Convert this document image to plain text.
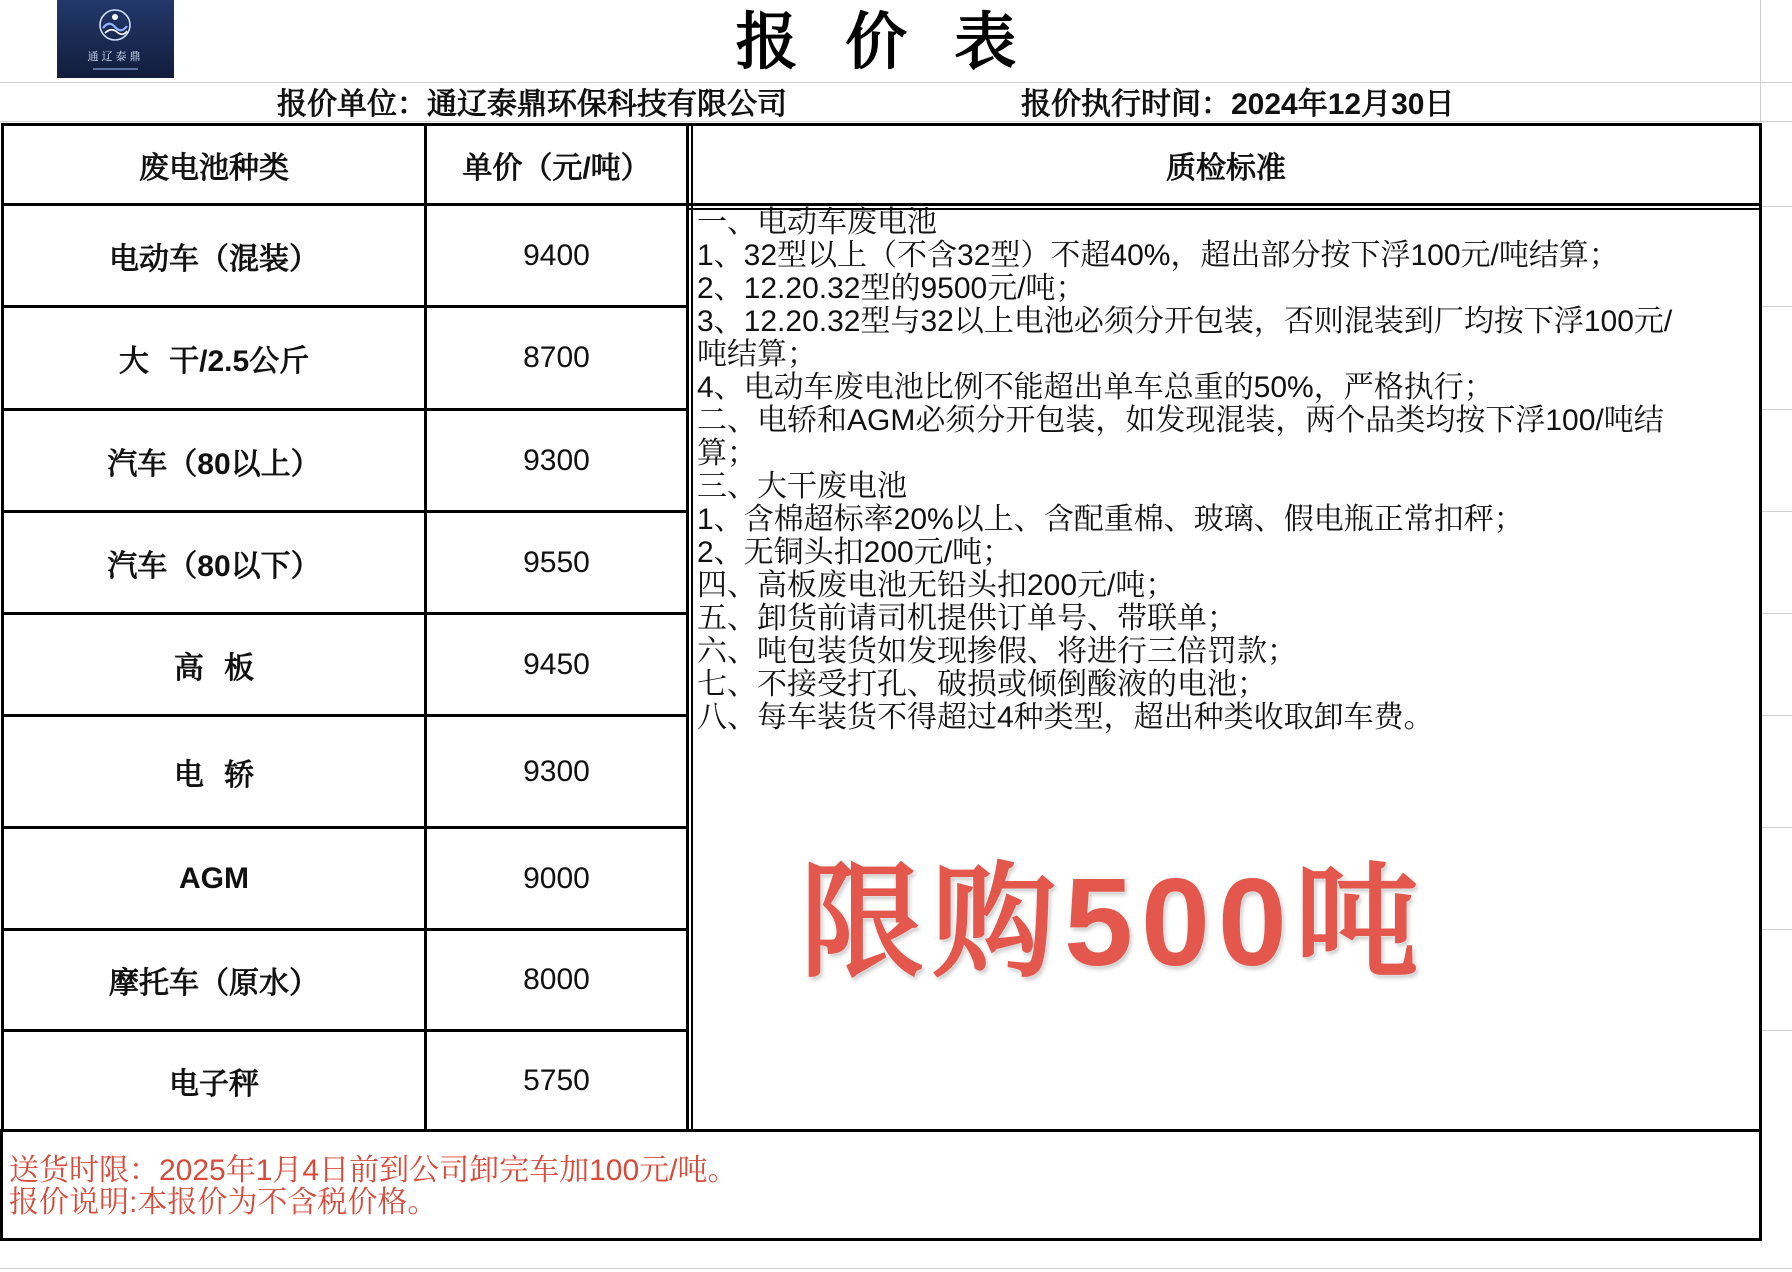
通辽泰鼎	报 价 表
报价单位：通辽泰鼎环保科技有限公司	报价执行时间：2024年12月30日
废电池种类	单价（元/吨）	质检标准
电动车（混装）	9400
大 干/2.5公斤	8700
汽车（80以上）	9300
汽车（80以下）	9550
高 板	9450
电 轿	9300
AGM	9000
摩托车（原水）	8000
电子秤	5750
一、电动车废电池
1、32型以上（不含32型）不超40%，超出部分按下浮100元/吨结算；
2、12.20.32型的9500元/吨；
3、12.20.32型与32以上电池必须分开包装，否则混装到厂均按下浮100元/
吨结算；
4、电动车废电池比例不能超出单车总重的50%，严格执行；
二、电轿和AGM必须分开包装，如发现混装，两个品类均按下浮100/吨结
算；
三、大干废电池
1、含棉超标率20%以上、含配重棉、玻璃、假电瓶正常扣秤；
2、无铜头扣200元/吨；
四、高板废电池无铅头扣200元/吨；
五、卸货前请司机提供订单号、带联单；
六、吨包装货如发现掺假、将进行三倍罚款；
七、不接受打孔、破损或倾倒酸液的电池；
八、每车装货不得超过4种类型，超出种类收取卸车费。
限购500吨
送货时限：2025年1月4日前到公司卸完车加100元/吨。
报价说明:本报价为不含税价格。
